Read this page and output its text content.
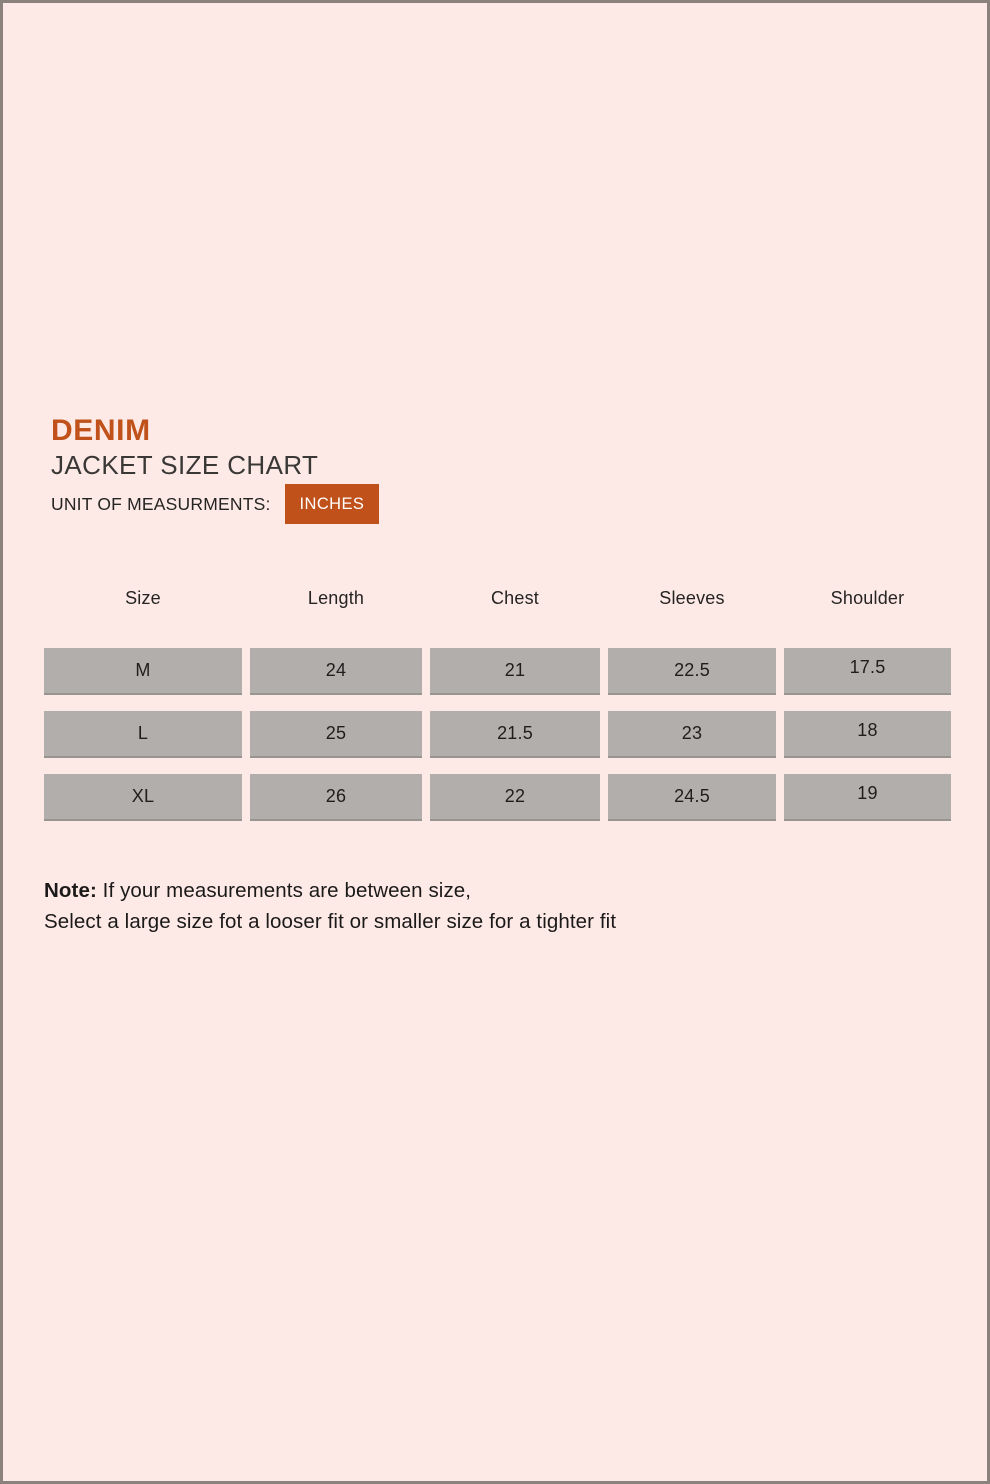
DENIM
JACKET SIZE CHART
UNIT OF MEASURMENTS:	INCHES
Size	Length	Chest	Sleeves	Shoulder
M	24	21	22.5	17.5
L	25	21.5	23	18
XL	26	22	24.5	19
Note: If your measurements are between size,
Select a large size fot a looser fit or smaller size for a tighter fit
